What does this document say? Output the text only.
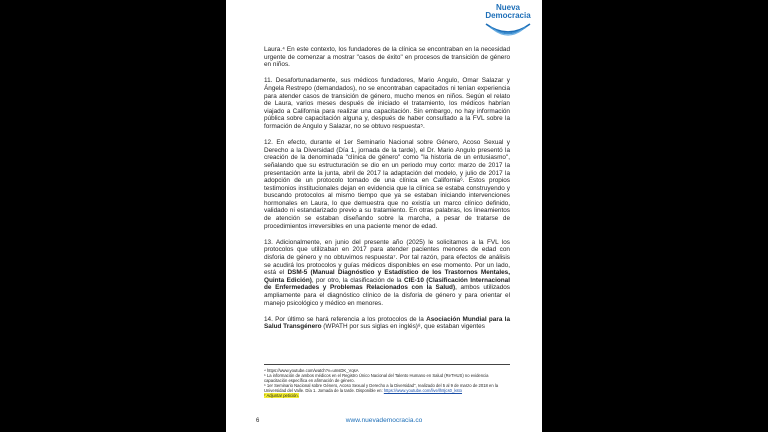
Nueva
Democracia

Laura.⁴ En este contexto, los fundadores de la clínica se encontraban en la necesidad urgente de comenzar a mostrar "casos de éxito" en procesos de transición de género en niños.

11. Desafortunadamente, sus médicos fundadores, Mario Angulo, Omar Salazar y Ángela Restrepo (demandados), no se encontraban capacitados ni tenían experiencia para atender casos de transición de género, mucho menos en niños. Según el relato de Laura, varios meses después de iniciado el tratamiento, los médicos habrían viajado a California para realizar una capacitación. Sin embargo, no hay información pública sobre capacitación alguna y, después de haber consultado a la FVL sobre la formación de Angulo y Salazar, no se obtuvo respuesta⁵.

12. En efecto, durante el 1er Seminario Nacional sobre Género, Acoso Sexual y Derecho a la Diversidad (Día 1, jornada de la tarde), el Dr. Mario Angulo presentó la creación de la denominada "clínica de género" como "la historia de un entusiasmo", señalando que su estructuración se dio en un periodo muy corto: marzo de 2017 la presentación ante la junta, abril de 2017 la adaptación del modelo, y julio de 2017 la adopción de un protocolo tomado de una clínica en California⁶. Estos propios testimonios institucionales dejan en evidencia que la clínica se estaba construyendo y buscando protocolos al mismo tiempo que ya se estaban iniciando intervenciones hormonales en Laura, lo que demuestra que no existía un marco clínico definido, validado ni estandarizado previo a su tratamiento. En otras palabras, los lineamientos de atención se estaban diseñando sobre la marcha, a pesar de tratarse de procedimientos irreversibles en una paciente menor de edad.

13. Adicionalmente, en junio del presente año (2025) le solicitamos a la FVL los protocolos que utilizaban en 2017 para atender pacientes menores de edad con disforia de género y no obtuvimos respuesta⁷. Por tal razón, para efectos de análisis se acudirá los protocolos y guías médicos disponibles en ese momento. Por un lado, está el DSM-5 (Manual Diagnóstico y Estadístico de los Trastornos Mentales, Quinta Edición), por otro, la clasificación de la CIE-10 (Clasificación Internacional de Enfermedades y Problemas Relacionados con la Salud), ambos utilizados ampliamente para el diagnóstico clínico de la disforia de género y para orientar el manejo psicológico y médico en menores.

14. Por último se hará referencia a los protocolos de la Asociación Mundial para la Salud Transgénero (WPATH por sus siglas en inglés)⁸, que estaban vigentes

⁴ https://www.youtube.com/watch?v=uInsDK_VqsA
⁵ La información de ambos médicos en el Registro Único Nacional del Talento Humano en Salud (ReTHUS) no evidencia capacitación específica en afirmación de género.
⁶ 1er Seminario Nacional sobre Género, Acoso Sexual y Derecho a la Diversidad", realizado del 5 al 9 de marzo de 2018 en la Universidad del Valle. Día 1. Jornada de la tarde. Disponible en: https://www.youtube.com/live/lh8jcs0_ksto
⁷ Adjuntar petición.
6	www.nuevademocracia.co
